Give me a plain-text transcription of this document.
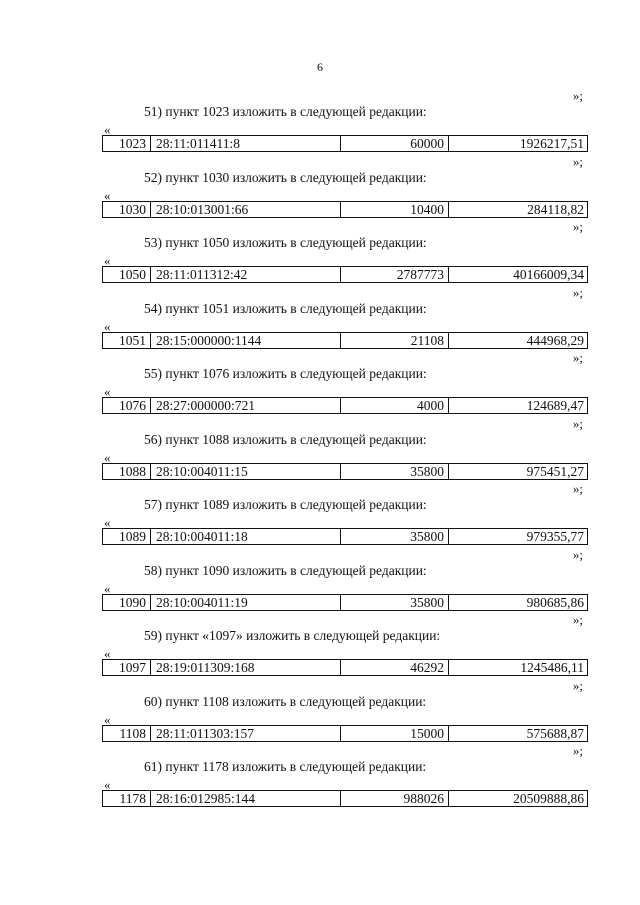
6
»;
51) пункт 1023 изложить в следующей редакции:
«
1023 28:11:011411:8	60000	1926217,51
»;
52) пункт 1030 изложить в следующей редакции:
«
1030 28:10:013001:66	10400	284118,82
»;
53) пункт 1050 изложить в следующей редакции:
«
1050 28:11:011312:42	2787773	40166009,34
»;
54) пункт 1051 изложить в следующей редакции:
«
1051 28:15:000000:1144	21108	444968,29
»;
55) пункт 1076 изложить в следующей редакции:
«
1076 28:27:000000:721	4000	124689,47
»;
56) пункт 1088 изложить в следующей редакции:
«
1088 28:10:004011:15	35800	975451,27
»;
57) пункт 1089 изложить в следующей редакции:
«
1089 28:10:004011:18	35800	979355,77
»;
58) пункт 1090 изложить в следующей редакции:
«
1090 28:10:004011:19	35800	980685,86
»;
59) пункт «1097» изложить в следующей редакции:
«
1097 28:19:011309:168	46292	1245486,11
»;
60) пункт 1108 изложить в следующей редакции:
«
1108 28:11:011303:157	15000	575688,87
»;
61) пункт 1178 изложить в следующей редакции:
«
1178 28:16:012985:144	988026	20509888,86
